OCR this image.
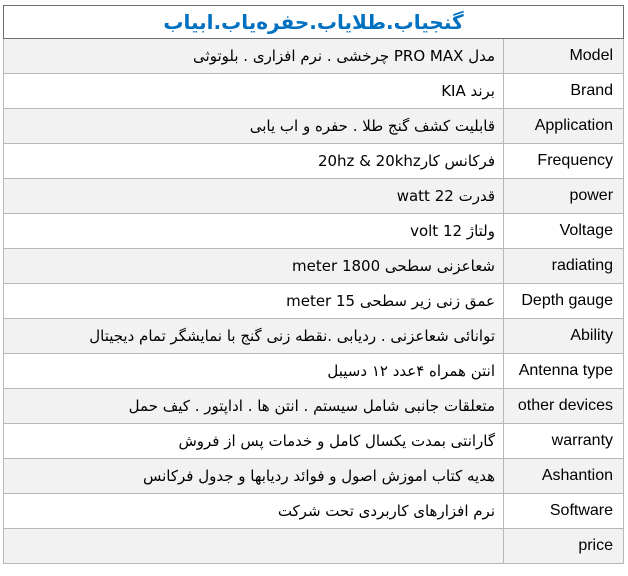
گنجیاب.طلایاب.حفره‌یاب.ابیاب	
مدل PRO MAX چرخشی . نرم افزاری . بلوتوثی	Model
برند KIA	Brand
قابلیت کشف گنج طلا . حفره و اب یابی	Application
فرکانس کار20hz & 20khz	Frequency
قدرت 22 watt	power
ولتاژ 12 volt	Voltage
شعاعزنی سطحی 1800 meter	radiating
عمق زنی زیر سطحی 15 meter	Depth gauge
توانائی شعاعزنی . ردیابی .نقطه زنی گنج با نمایشگر تمام دیجیتال	Ability
انتن همراه ۴عدد ۱۲ دسیبل	Antenna type
متعلقات جانبی شامل سیستم . انتن ها . اداپتور . کیف حمل	other devices
گارانتی بمدت یکسال کامل و خدمات پس از فروش	warranty
هدیه کتاب اموزش اصول و فوائد ردیابها و جدول فرکانس	Ashantion
نرم افزارهای کاربردی تحت شرکت	Software
	price
